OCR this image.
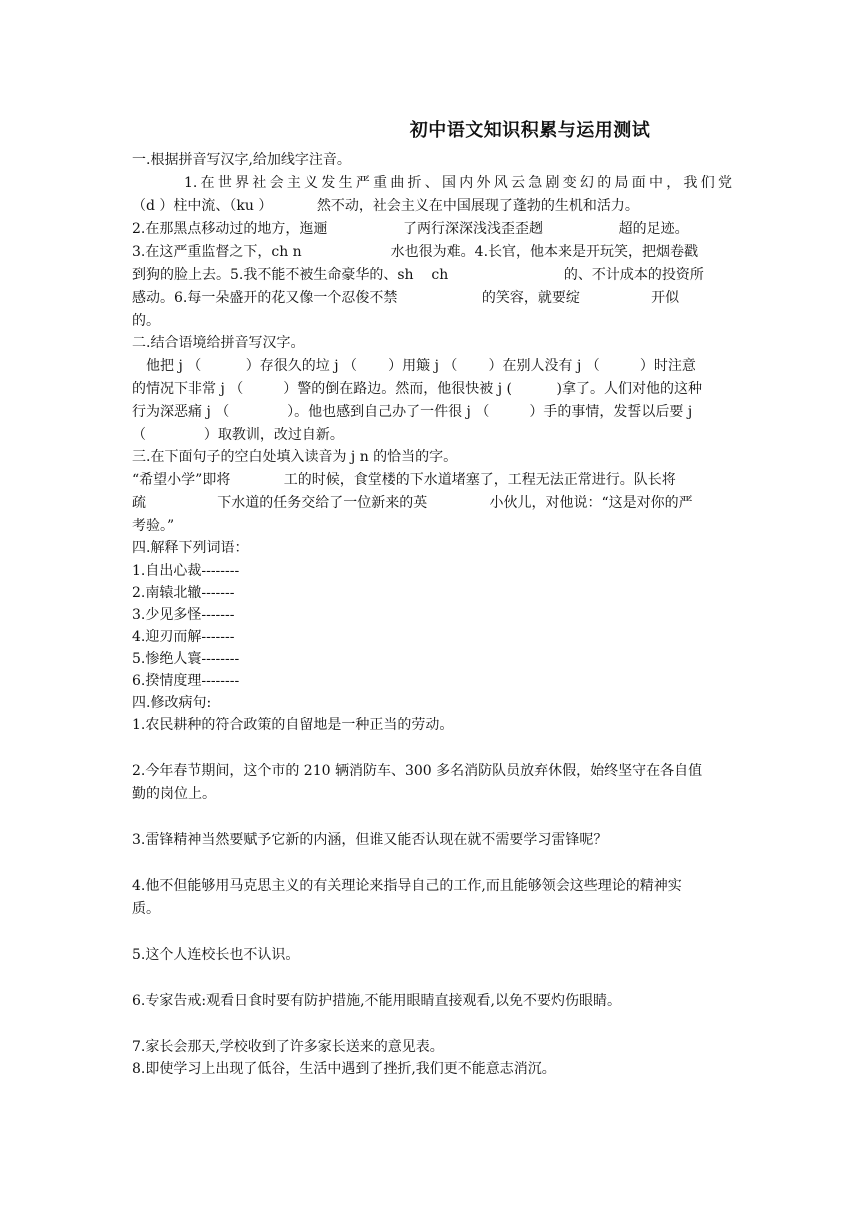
初中语文知识积累与运用测试
一.根据拼音写汉字,给加线字注音。
1.在世界社会主义发生严重曲折、国内外风云急剧变幻的局面中，我们党
（d ）柱中流、（ku ）          然不动，社会主义在中国展现了蓬勃的生机和活力。
2.在那黑点移动过的地方，迤逦                 了两行深深浅浅歪歪趔                 超的足迹。
3.在这严重监督之下，ch n                    水也很为难。4.长官，他本来是开玩笑，把烟卷戳
到狗的脸上去。5.我不能不被生命豪华的、sh    ch                          的、不计成本的投资所
感动。6.每一朵盛开的花又像一个忍俊不禁                   的笑容，就要绽                开似
的。
二.结合语境给拼音写汉字。
他把 j （          ）存很久的垃 j （       ）用簸 j （       ）在别人没有 j （         ）时注意
的情况下非常 j （         ）警的倒在路边。然而，他很快被 j (          )拿了。人们对他的这种
行为深恶痛 j （             ）。他也感到自己办了一件很 j （         ）手的事情，发誓以后要 j
（             ）取教训，改过自新。
三.在下面句子的空白处填入读音为 j n 的恰当的字。
“希望小学”即将            工的时候，食堂楼的下水道堵塞了，工程无法正常进行。队长将
疏                下水道的任务交给了一位新来的英              小伙儿，对他说：“这是对你的严
考验。”
四.解释下列词语：
1.自出心裁--------
2.南辕北辙-------
3.少见多怪-------
4.迎刃而解-------
5.惨绝人寰--------
6.揆情度理--------
四.修改病句:
1.农民耕种的符合政策的自留地是一种正当的劳动。
2.今年春节期间，这个市的 210 辆消防车、300 多名消防队员放弃休假，始终坚守在各自值
勤的岗位上。
3.雷锋精神当然要赋予它新的内涵，但谁又能否认现在就不需要学习雷锋呢？
4.他不但能够用马克思主义的有关理论来指导自己的工作,而且能够领会这些理论的精神实
质。
5.这个人连校长也不认识。
6.专家告戒:观看日食时要有防护措施,不能用眼睛直接观看,以免不要灼伤眼睛。
7.家长会那天,学校收到了许多家长送来的意见表。
8.即使学习上出现了低谷，生活中遇到了挫折,我们更不能意志消沉。
